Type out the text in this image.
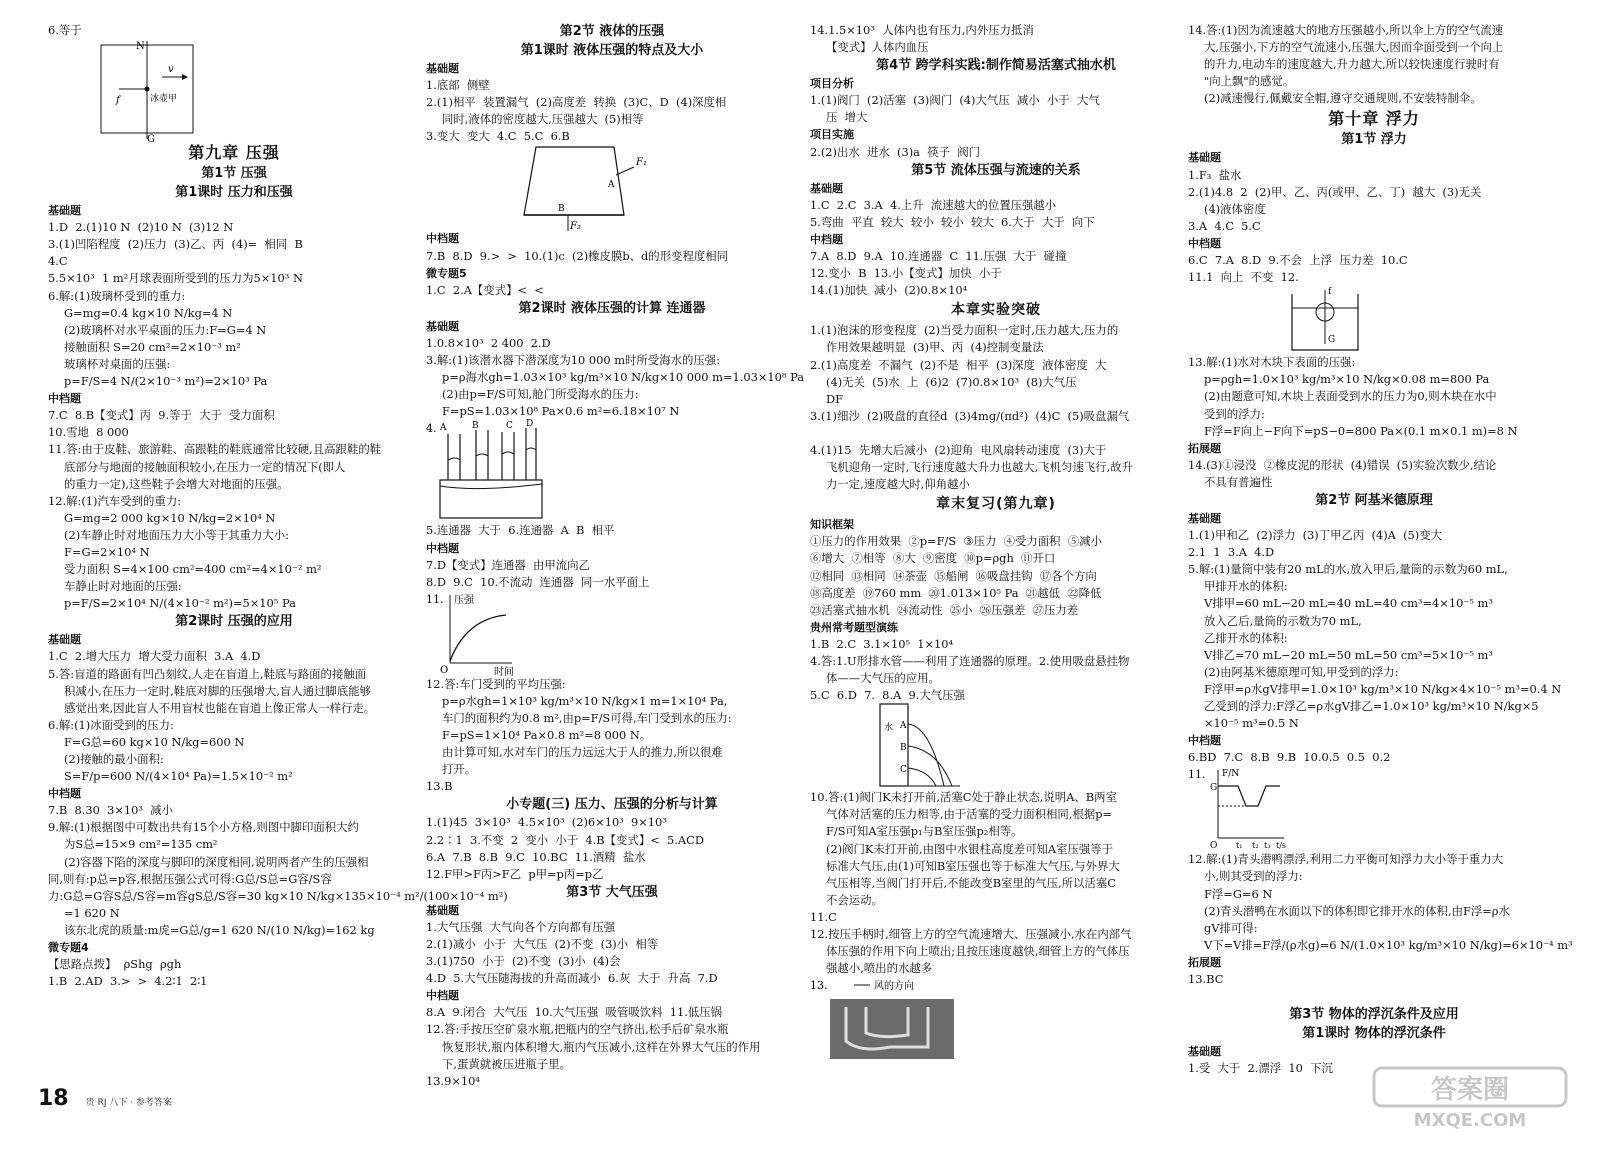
6.等于
N
v
f	冰壶甲
G
第九章 压强
第1节 压强
第1课时 压力和压强
基础题
1.D  2.(1)10 N  (2)10 N  (3)12 N
3.(1)凹陷程度  (2)压力  (3)乙、丙  (4)=  相同  B
4.C
5.5×10³  1 m²月球表面所受到的压力为5×10³ N
6.解:(1)玻璃杯受到的重力:
G=mg=0.4 kg×10 N/kg=4 N
(2)玻璃杯对水平桌面的压力:F=G=4 N
接触面积 S=20 cm²=2×10⁻³ m²
玻璃杯对桌面的压强:
p=F/S=4 N/(2×10⁻³ m²)=2×10³ Pa
中档题
7.C  8.B【变式】丙  9.等于  大于  受力面积
10.雪地  8 000
11.答:由于皮鞋、旅游鞋、高跟鞋的鞋底通常比较硬,且高跟鞋的鞋
底部分与地面的接触面积较小,在压力一定的情况下(即人
的重力一定),这些鞋子会增大对地面的压强。
12.解:(1)汽车受到的重力:
G=mg=2 000 kg×10 N/kg=2×10⁴ N
(2)车静止时对地面压力大小等于其重力大小:
F=G=2×10⁴ N
受力面积 S=4×100 cm²=400 cm²=4×10⁻² m²
车静止时对地面的压强:
p=F/S=2×10⁴ N/(4×10⁻² m²)=5×10⁵ Pa
第2课时 压强的应用
基础题
1.C  2.增大压力  增大受力面积  3.A  4.D
5.答:盲道的路面有凹凸刻纹,人走在盲道上,鞋底与路面的接触面
积减小,在压力一定时,鞋底对脚的压强增大,盲人通过脚底能够
感觉出来,因此盲人不用盲杖也能在盲道上像正常人一样行走。
6.解:(1)冰面受到的压力:
F=G总=60 kg×10 N/kg=600 N
(2)接触的最小面积:
S=F/p=600 N/(4×10⁴ Pa)=1.5×10⁻² m²
中档题
7.B  8.30  3×10³  减小
9.解:(1)根据图中可数出共有15个小方格,则图中脚印面积大约
为S总=15×9 cm²=135 cm²
(2)容器下陷的深度与脚印的深度相同,说明两者产生的压强相
同,则有:p总=p容,根据压强公式可得:G总/S总=G容/S容
力:G总=G容S总/S容=m容gS总/S容=30 kg×10 N/kg×135×10⁻⁴ m²/(100×10⁻⁴ m²)
=1 620 N
该东北虎的质量:m虎=G总/g=1 620 N/(10 N/kg)=162 kg
微专题4
【思路点拨】  ρShg  ρgh
1.B  2.AD  3.>  >  4.2∶1  2∶1
第2节 液体的压强
第1课时 液体压强的特点及大小
基础题
1.底部  侧壁
2.(1)相平  装置漏气  (2)高度差  转换  (3)C、D  (4)深度相
同时,液体的密度越大,压强越大  (5)相等
3.变大  变大  4.C  5.C  6.B
F₁
F₂
A
B
中档题
7.B  8.D  9.>  >  10.(1)c  (2)橡皮膜b、d的形变程度相同
微专题5
1.C  2.A【变式】<  <
第2课时 液体压强的计算 连通器
基础题
1.0.8×10³  2 400  2.D
3.解:(1)该潜水器下潜深度为10 000 m时所受海水的压强:
p=ρ海水gh=1.03×10³ kg/m³×10 N/kg×10 000 m=1.03×10⁸ Pa
(2)由p=F/S可知,舱门所受海水的压力:
F=pS=1.03×10⁸ Pa×0.6 m²=6.18×10⁷ N
4. A	B	C D
5.连通器  大于  6.连通器  A  B  相平
中档题
7.D【变式】连通器  由甲流向乙
8.D  9.C  10.不流动  连通器  同一水平面上
11. 压强
O	时间
12.答:车门受到的平均压强:
p=ρ水gh=1×10³ kg/m³×10 N/kg×1 m=1×10⁴ Pa,
车门的面积约为0.8 m²,由p=F/S可得,车门受到水的压力:
F=pS=1×10⁴ Pa×0.8 m²=8 000 N。
由计算可知,水对车门的压力远远大于人的推力,所以很难
打开。
13.B
小专题(三) 压力、压强的分析与计算
1.(1)45  3×10³  4.5×10³  (2)6×10³  9×10³
2.2∶1  3.不变  2  变小  小于  4.B【变式】<  5.ACD
6.A  7.B  8.B  9.C  10.BC  11.酒精  盐水
12.F甲>F丙>F乙  p甲=p丙=p乙
第3节 大气压强
基础题
1.大气压强  大气向各个方向都有压强
2.(1)减小  小于  大气压  (2)不变  (3)小  相等
3.(1)750  小于  (2)不变  (3)小  (4)会
4.D  5.大气压随海拔的升高而减小  6.灰  大于  升高  7.D
中档题
8.A  9.闭合  大气压  10.大气压强  吸管吸饮料  11.低压锅
12.答:手按压空矿泉水瓶,把瓶内的空气挤出,松手后矿泉水瓶
恢复形状,瓶内体积增大,瓶内气压减小,这样在外界大气压的作用
下,蛋黄就被压进瓶子里。
13.9×10⁴
14.1.5×10³  人体内也有压力,内外压力抵消
【变式】人体内血压
第4节 跨学科实践:制作简易活塞式抽水机
项目分析
1.(1)阀门  (2)活塞  (3)阀门  (4)大气压  减小  小于  大气
压  增大
项目实施
2.(2)出水  进水  (3)a  筷子  阀门
第5节 流体压强与流速的关系
基础题
1.C  2.C  3.A  4.上升  流速越大的位置压强越小
5.弯曲  平直  较大  较小  较小  较大  6.大于  大于  向下
中档题
7.A  8.D  9.A  10.连通器  C  11.压强  大于  碰撞
12.变小  B  13.小【变式】加快  小于
14.(1)加快  减小  (2)0.8×10⁴
本章实验突破
1.(1)泡沫的形变程度  (2)当受力面积一定时,压力越大,压力的
作用效果越明显  (3)甲、丙  (4)控制变量法
2.(1)高度差  不漏气  (2)不是  相平  (3)深度  液体密度  大
(4)无关  (5)水  上  (6)2  (7)0.8×10³  (8)大气压
DF
3.(1)细沙  (2)吸盘的直径d  (3)4mg/(πd²)  (4)C  (5)吸盘漏气
4.(1)15  先增大后减小  (2)迎角  电风扇转动速度  (3)大于
飞机迎角一定时,飞行速度越大升力也越大,飞机匀速飞行,故升
力一定,速度越大时,仰角越小
章末复习(第九章)
知识框架
①压力的作用效果  ②p=F/S  ③压力  ④受力面积  ⑤减小
⑥增大  ⑦相等  ⑧大  ⑨密度  ⑩p=ρgh  ⑪开口
⑫相同  ⑬相同  ⑭茶壶  ⑮船闸  ⑯吸盘挂钩  ⑰各个方向
⑱高度差  ⑲760 mm  ⑳1.013×10⁵ Pa  ㉑越低  ㉒降低
㉓活塞式抽水机  ㉔流动性  ㉕小  ㉖压强差  ㉗压力差
贵州常考题型演练
1.B  2.C  3.1×10⁵  1×10⁴
4.答:1.U形排水管——利用了连通器的原理。2.使用吸盘悬挂物
体——大气压的应用。
5.C  6.D  7.  8.A  9.大气压强
水 A
B
C
10.答:(1)阀门K未打开前,活塞C处于静止状态,说明A、B两室
气体对活塞的压力相等,由于活塞的受力面积相同,根据p=
F/S可知A室压强p₁与B室压强p₂相等。
(2)阀门K未打开前,由图中水银柱高度差可知A室压强等于
标准大气压,由(1)可知B室压强也等于标准大气压,与外界大
气压相等,当阀门打开后,不能改变B室里的气压,所以活塞C
不会运动。
11.C
12.按压手柄时,细管上方的空气流速增大、压强减小,水在内部气
体压强的作用下向上喷出;且按压速度越快,细管上方的气体压
强越小,喷出的水越多
13.	风的方向
14.答:(1)因为流速越大的地方压强越小,所以伞上方的空气流速
大,压强小,下方的空气流速小,压强大,因而伞面受到一个向上
的升力,电动车的速度越大,升力越大,所以较快速度行驶时有
"向上飘"的感觉。
(2)减速慢行,佩戴安全帽,遵守交通规则,不安装特制伞。
第十章 浮力
第1节 浮力
基础题
1.F₃  盐水
2.(1)4.8  2  (2)甲、乙、丙(或甲、乙、丁)  越大  (3)无关
(4)液体密度
3.A  4.C  5.C
中档题
6.C  7.A  8.D  9.不会  上浮  压力差  10.C
11.1  向上  不变  12.
f
G
13.解:(1)水对木块下表面的压强:
p=ρgh=1.0×10³ kg/m³×10 N/kg×0.08 m=800 Pa
(2)由题意可知,木块上表面受到水的压力为0,则木块在水中
受到的浮力:
F浮=F向上−F向下=pS−0=800 Pa×(0.1 m×0.1 m)=8 N
拓展题
14.(3)①浸没  ②橡皮泥的形状  (4)错误  (5)实验次数少,结论
不具有普遍性
第2节 阿基米德原理
基础题
1.(1)甲和乙  (2)浮力  (3)丁甲乙丙  (4)A  (5)变大
2.1  1  3.A  4.D
5.解:(1)量筒中装有20 mL的水,放入甲后,量筒的示数为60 mL,
甲排开水的体积:
V排甲=60 mL−20 mL=40 mL=40 cm³=4×10⁻⁵ m³
放入乙后,量筒的示数为70 mL,
乙排开水的体积:
V排乙=70 mL−20 mL=50 mL=50 cm³=5×10⁻⁵ m³
(2)由阿基米德原理可知,甲受到的浮力:
F浮甲=ρ水gV排甲=1.0×10³ kg/m³×10 N/kg×4×10⁻⁵ m³=0.4 N
乙受到的浮力:F浮乙=ρ水gV排乙=1.0×10³ kg/m³×10 N/kg×5
×10⁻⁵ m³=0.5 N
中档题
6.BD  7.C  8.B  9.B  10.0.5  0.5  0.2
11. F/N
G
O t₁ t₂ t₃ t/s
12.解:(1)青头潜鸭漂浮,利用二力平衡可知浮力大小等于重力大
小,则其受到的浮力:
F浮=G=6 N
(2)青头潜鸭在水面以下的体积即它排开水的体积,由F浮=ρ水
gV排可得:
V下=V排=F浮/(ρ水g)=6 N/(1.0×10³ kg/m³×10 N/kg)=6×10⁻⁴ m³
拓展题
13.BC
第3节 物体的浮沉条件及应用
第1课时 物体的浮沉条件
基础题
1.受  大于  2.漂浮  10  下沉
18 贵 RJ 八下 · 参考答案	答案圈
MXQE.COM
